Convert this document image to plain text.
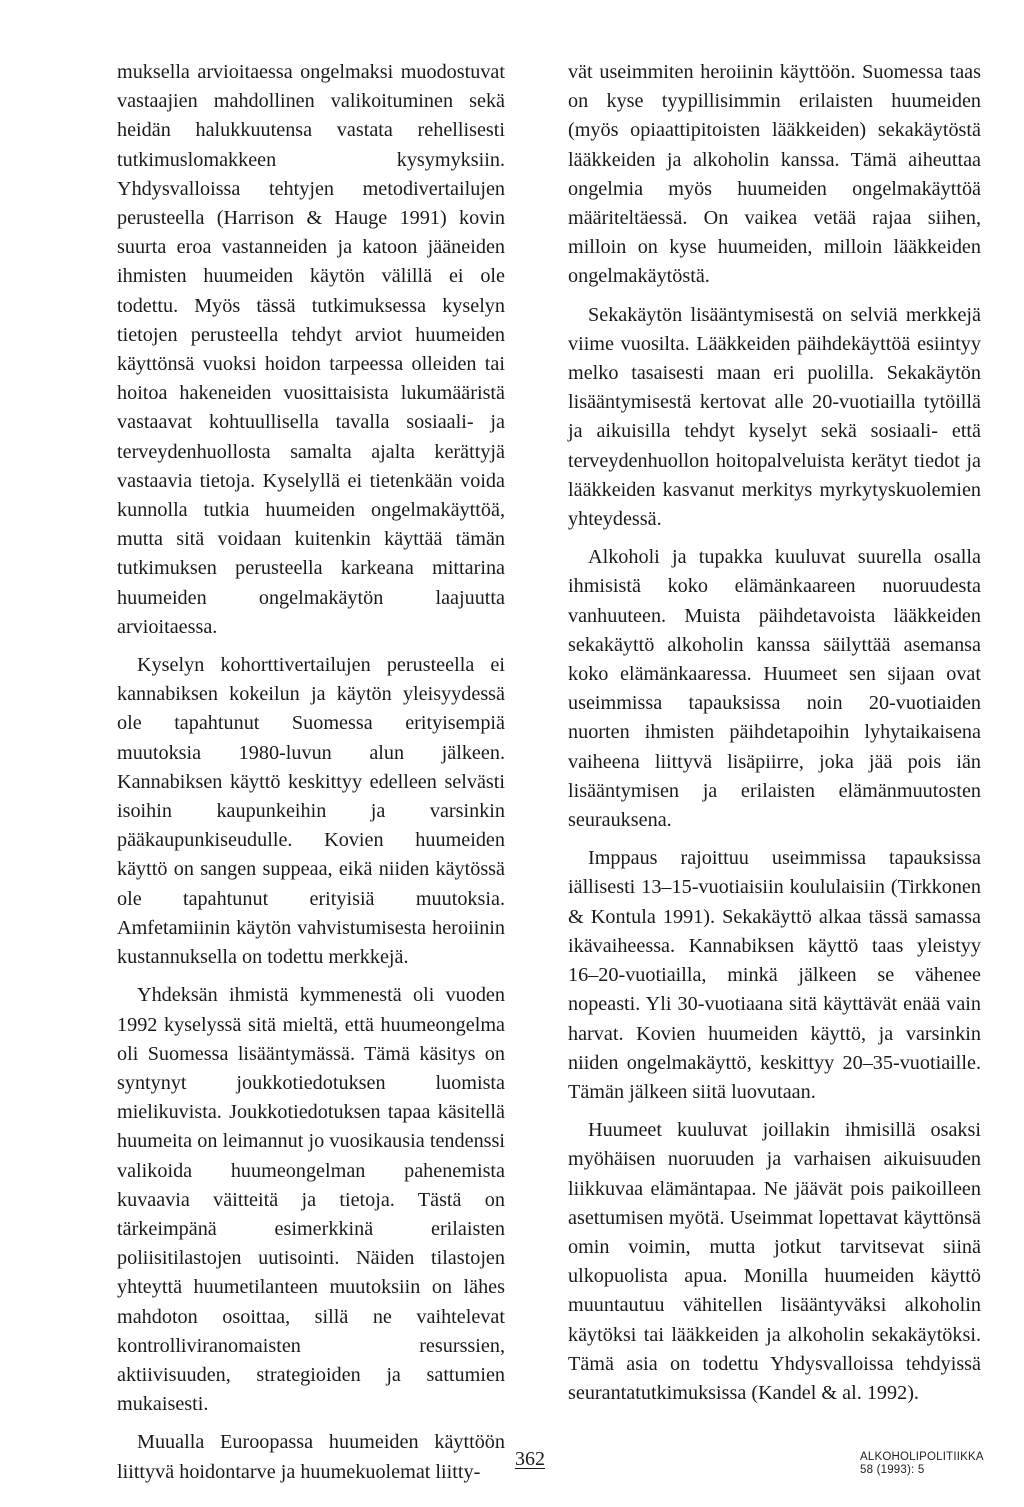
muksella arvioitaessa ongelmaksi muodostuvat vastaajien mahdollinen valikoituminen sekä heidän halukkuutensa vastata rehellisesti tutkimuslomakkeen kysymyksiin. Yhdysvalloissa tehtyjen metodivertailujen perusteella (Harrison & Hauge 1991) kovin suurta eroa vastanneiden ja katoon jääneiden ihmisten huumeiden käytön välillä ei ole todettu. Myös tässä tutkimuksessa kyselyn tietojen perusteella tehdyt arviot huumeiden käyttönsä vuoksi hoidon tarpeessa olleiden tai hoitoa hakeneiden vuosittaisista lukumääristä vastaavat kohtuullisella tavalla sosiaali- ja terveydenhuollosta samalta ajalta kerättyjä vastaavia tietoja. Kyselyllä ei tietenkään voida kunnolla tutkia huumeiden ongelmakäyttöä, mutta sitä voidaan kuitenkin käyttää tämän tutkimuksen perusteella karkeana mittarina huumeiden ongelmakäytön laajuutta arvioitaessa.

Kyselyn kohorttivertailujen perusteella ei kannabiksen kokeilun ja käytön yleisyydessä ole tapahtunut Suomessa erityisempiä muutoksia 1980-luvun alun jälkeen. Kannabiksen käyttö keskittyy edelleen selvästi isoihin kaupunkeihin ja varsinkin pääkaupunkiseudulle. Kovien huumeiden käyttö on sangen suppeaa, eikä niiden käytössä ole tapahtunut erityisiä muutoksia. Amfetamiinin käytön vahvistumisesta heroiinin kustannuksella on todettu merkkejä.

Yhdeksän ihmistä kymmenestä oli vuoden 1992 kyselyssä sitä mieltä, että huumeongelma oli Suomessa lisääntymässä. Tämä käsitys on syntynyt joukkotiedotuksen luomista mielikuvista. Joukkotiedotuksen tapaa käsitellä huumeita on leimannut jo vuosikausia tendenssi valikoida huumeongelman pahenemista kuvaavia väitteitä ja tietoja. Tästä on tärkeimpänä esimerkkinä erilaisten poliisitilastojen uutisointi. Näiden tilastojen yhteyttä huumetilanteen muutoksiin on lähes mahdoton osoittaa, sillä ne vaihtelevat kontrolliviranomaisten resurssien, aktiivisuuden, strategioiden ja sattumien mukaisesti.

Muualla Euroopassa huumeiden käyttöön liittyvä hoidontarve ja huumekuolemat liitty-

vät useimmiten heroiinin käyttöön. Suomessa taas on kyse tyypillisimmin erilaisten huumeiden (myös opiaattipitoisten lääkkeiden) sekakäytöstä lääkkeiden ja alkoholin kanssa. Tämä aiheuttaa ongelmia myös huumeiden ongelmakäyttöä määriteltäessä. On vaikea vetää rajaa siihen, milloin on kyse huumeiden, milloin lääkkeiden ongelmakäytöstä.

Sekakäytön lisääntymisestä on selviä merkkejä viime vuosilta. Lääkkeiden päihdekäyttöä esiintyy melko tasaisesti maan eri puolilla. Sekakäytön lisääntymisestä kertovat alle 20-vuotiailla tytöillä ja aikuisilla tehdyt kyselyt sekä sosiaali- että terveydenhuollon hoitopalveluista kerätyt tiedot ja lääkkeiden kasvanut merkitys myrkytyskuolemien yhteydessä.

Alkoholi ja tupakka kuuluvat suurella osalla ihmisistä koko elämänkaareen nuoruudesta vanhuuteen. Muista päihdetavoista lääkkeiden sekakäyttö alkoholin kanssa säilyttää asemansa koko elämänkaaressa. Huumeet sen sijaan ovat useimmissa tapauksissa noin 20-vuotiaiden nuorten ihmisten päihdetapoihin lyhytaikaisena vaiheena liittyvä lisäpiirre, joka jää pois iän lisääntymisen ja erilaisten elämänmuutosten seurauksena.

Imppaus rajoittuu useimmissa tapauksissa iällisesti 13–15-vuotiaisiin koululaisiin (Tirkkonen & Kontula 1991). Sekakäyttö alkaa tässä samassa ikävaiheessa. Kannabiksen käyttö taas yleistyy 16–20-vuotiailla, minkä jälkeen se vähenee nopeasti. Yli 30-vuotiaana sitä käyttävät enää vain harvat. Kovien huumeiden käyttö, ja varsinkin niiden ongelmakäyttö, keskittyy 20–35-vuotiaille. Tämän jälkeen siitä luovutaan.

Huumeet kuuluvat joillakin ihmisillä osaksi myöhäisen nuoruuden ja varhaisen aikuisuuden liikkuvaa elämäntapaa. Ne jäävät pois paikoilleen asettumisen myötä. Useimmat lopettavat käyttönsä omin voimin, mutta jotkut tarvitsevat siinä ulkopuolista apua. Monilla huumeiden käyttö muuntautuu vähitellen lisääntyväksi alkoholin käytöksi tai lääkkeiden ja alkoholin sekakäytöksi. Tämä asia on todettu Yhdysvalloissa tehdyissä seurantatutkimuksissa (Kandel & al. 1992).

362	ALKOHOLIPOLITIIKKA
58 (1993): 5
